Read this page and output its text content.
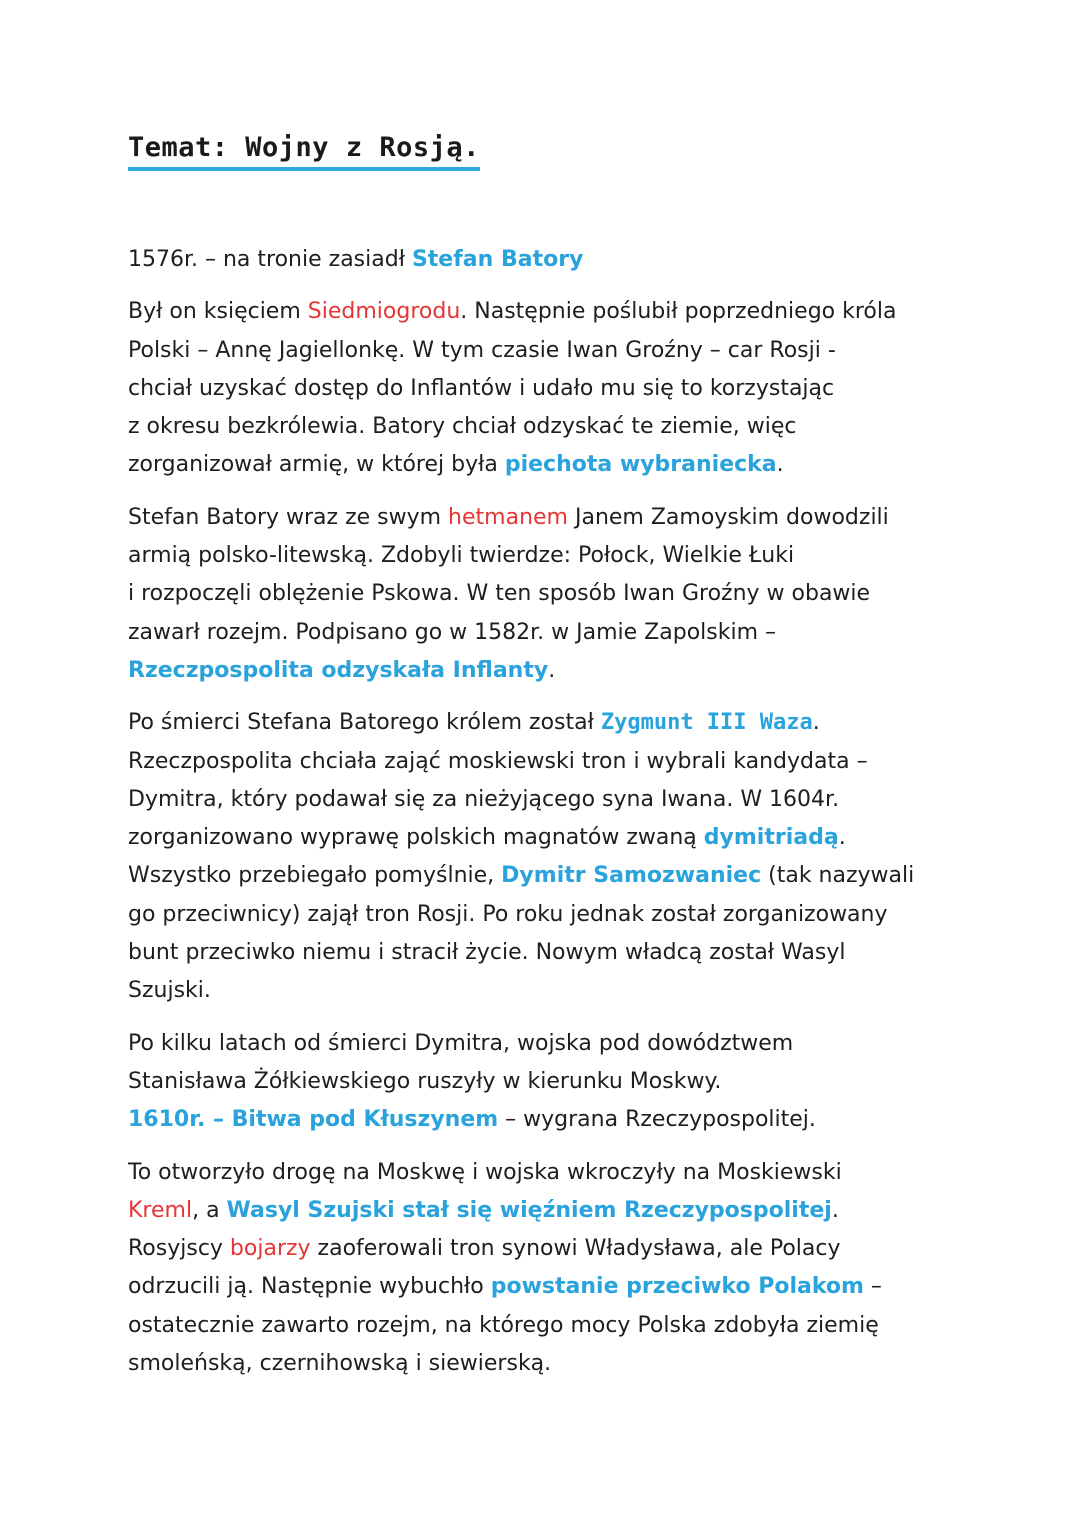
Temat: Wojny z Rosją.

1576r. – na tronie zasiadł Stefan Batory

Był on księciem Siedmiogrodu. Następnie poślubił poprzedniego króla
Polski – Annę Jagiellonkę. W tym czasie Iwan Groźny – car Rosji -
chciał uzyskać dostęp do Inflantów i udało mu się to korzystając
z okresu bezkrólewia. Batory chciał odzyskać te ziemie, więc
zorganizował armię, w której była piechota wybraniecka.

Stefan Batory wraz ze swym hetmanem Janem Zamoyskim dowodzili
armią polsko-litewską. Zdobyli twierdze: Połock, Wielkie Łuki
i rozpoczęli oblężenie Pskowa. W ten sposób Iwan Groźny w obawie
zawarł rozejm. Podpisano go w 1582r. w Jamie Zapolskim –
Rzeczpospolita odzyskała Inflanty.

Po śmierci Stefana Batorego królem został Zygmunt III Waza.
Rzeczpospolita chciała zająć moskiewski tron i wybrali kandydata –
Dymitra, który podawał się za nieżyjącego syna Iwana. W 1604r.
zorganizowano wyprawę polskich magnatów zwaną dymitriadą.
Wszystko przebiegało pomyślnie, Dymitr Samozwaniec (tak nazywali
go przeciwnicy) zajął tron Rosji. Po roku jednak został zorganizowany
bunt przeciwko niemu i stracił życie. Nowym władcą został Wasyl
Szujski.

Po kilku latach od śmierci Dymitra, wojska pod dowództwem
Stanisława Żółkiewskiego ruszyły w kierunku Moskwy.
1610r. – Bitwa pod Kłuszynem – wygrana Rzeczypospolitej.

To otworzyło drogę na Moskwę i wojska wkroczyły na Moskiewski
Kreml, a Wasyl Szujski stał się więźniem Rzeczypospolitej.
Rosyjscy bojarzy zaoferowali tron synowi Władysława, ale Polacy
odrzucili ją. Następnie wybuchło powstanie przeciwko Polakom –
ostatecznie zawarto rozejm, na którego mocy Polska zdobyła ziemię
smoleńską, czernihowską i siewierską.
